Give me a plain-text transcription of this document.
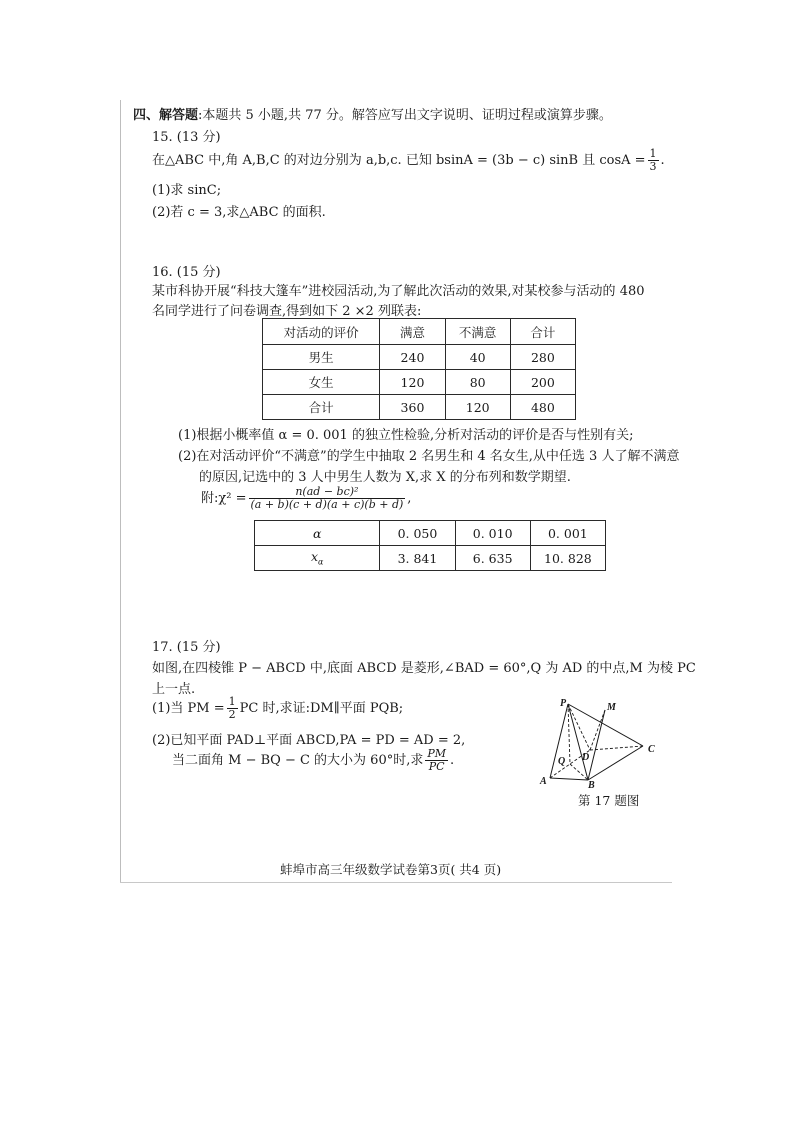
四、解答题:本题共 5 小题,共 77 分。解答应写出文字说明、证明过程或演算步骤。
15. (13 分)
在△ABC 中,角 A,B,C 的对边分别为 a,b,c. 已知 bsinA = (3b − c) sinB 且 $\cos A = \frac{1}{3}$ .
(1)求 sinC;
(2)若 c = 3,求△ABC 的面积.
16. (15 分)
某市科协开展“科技大篷车”进校园活动,为了解此次活动的效果,对某校参与活动的 480
名同学进行了问卷调查,得到如下 2 ×2 列联表:
对活动的评价	满意	不满意	合计
男生	240	40	280
女生	120	80	200
合计	360	120	480
(1)根据小概率值 α = 0. 001 的独立性检验,分析对活动的评价是否与性别有关;
(2)在对活动评价“不满意”的学生中抽取 2 名男生和 4 名女生,从中任选 3 人了解不满意
的原因,记选中的 3 人中男生人数为 X,求 X 的分布列和数学期望.
附:χ² = $\frac{\text{n(ad − bc)²}}{(a + b)(c + d)(a + c)(b + d)}$ ,
α	0. 050	0. 010	0. 001
$x_\alpha$	3. 841	6. 635	10. 828
17. (15 分)
如图,在四棱锥 P − ABCD 中,底面 ABCD 是菱形,∠BAD = 60°,Q 为 AD 的中点,M 为棱 PC
上一点.
(1)当 PM = $\frac{1}{2}$ PC 时,求证:DM∥平面 PQB;
(2)已知平面 PAD⊥平面 ABCD,PA = PD = AD = 2,
当二面角 M − BQ − C 的大小为 60°时,求 $\frac{PM}{PC}$ .
P	M
C
D
Q
A	B
第 17 题图
蚌埠市高三年级数学试卷第3页( 共4 页)
